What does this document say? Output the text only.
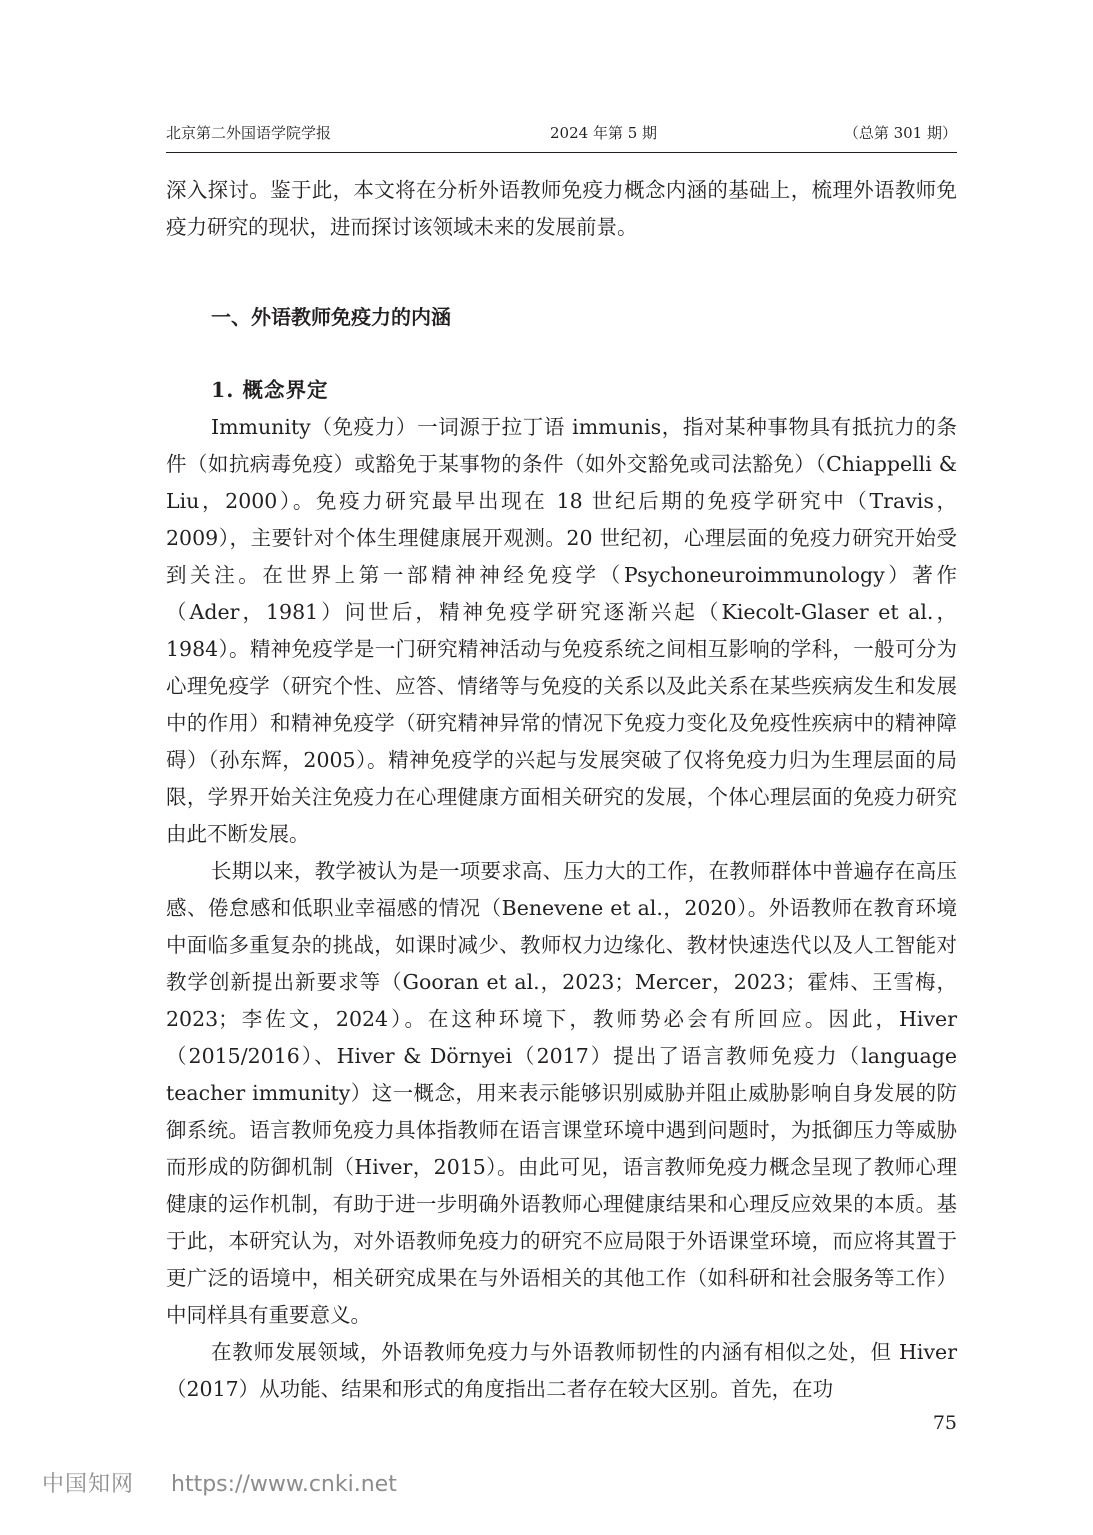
北京第二外国语学院学报	2024 年第 5 期	（总第 301 期）

深入探讨。鉴于此，本文将在分析外语教师免疫力概念内涵的基础上，梳理外语教师免疫力研究的现状，进而探讨该领域未来的发展前景。

一、外语教师免疫力的内涵
1. 概念界定

Immunity（免疫力）一词源于拉丁语 immunis，指对某种事物具有抵抗力的条件（如抗病毒免疫）或豁免于某事物的条件（如外交豁免或司法豁免）（Chiappelli & Liu，2000）。免疫力研究最早出现在 18 世纪后期的免疫学研究中（Travis，2009），主要针对个体生理健康展开观测。20 世纪初，心理层面的免疫力研究开始受到关注。在世界上第一部精神神经免疫学（Psychoneuroimmunology）著作（Ader，1981）问世后，精神免疫学研究逐渐兴起（Kiecolt-Glaser et al.，1984）。精神免疫学是一门研究精神活动与免疫系统之间相互影响的学科，一般可分为心理免疫学（研究个性、应答、情绪等与免疫的关系以及此关系在某些疾病发生和发展中的作用）和精神免疫学（研究精神异常的情况下免疫力变化及免疫性疾病中的精神障碍）（孙东辉，2005）。精神免疫学的兴起与发展突破了仅将免疫力归为生理层面的局限，学界开始关注免疫力在心理健康方面相关研究的发展，个体心理层面的免疫力研究由此不断发展。

长期以来，教学被认为是一项要求高、压力大的工作，在教师群体中普遍存在高压感、倦怠感和低职业幸福感的情况（Benevene et al.，2020）。外语教师在教育环境中面临多重复杂的挑战，如课时减少、教师权力边缘化、教材快速迭代以及人工智能对教学创新提出新要求等（Gooran et al.，2023；Mercer，2023；霍炜、王雪梅，2023；李佐文，2024）。在这种环境下，教师势必会有所回应。因此，Hiver（2015/2016）、Hiver & Dörnyei（2017）提出了语言教师免疫力（language teacher immunity）这一概念，用来表示能够识别威胁并阻止威胁影响自身发展的防御系统。语言教师免疫力具体指教师在语言课堂环境中遇到问题时，为抵御压力等威胁而形成的防御机制（Hiver，2015）。由此可见，语言教师免疫力概念呈现了教师心理健康的运作机制，有助于进一步明确外语教师心理健康结果和心理反应效果的本质。基于此，本研究认为，对外语教师免疫力的研究不应局限于外语课堂环境，而应将其置于更广泛的语境中，相关研究成果在与外语相关的其他工作（如科研和社会服务等工作）中同样具有重要意义。

在教师发展领域，外语教师免疫力与外语教师韧性的内涵有相似之处，但 Hiver（2017）从功能、结果和形式的角度指出二者存在较大区别。首先，在功

75
中国知网 https://www.cnki.net
